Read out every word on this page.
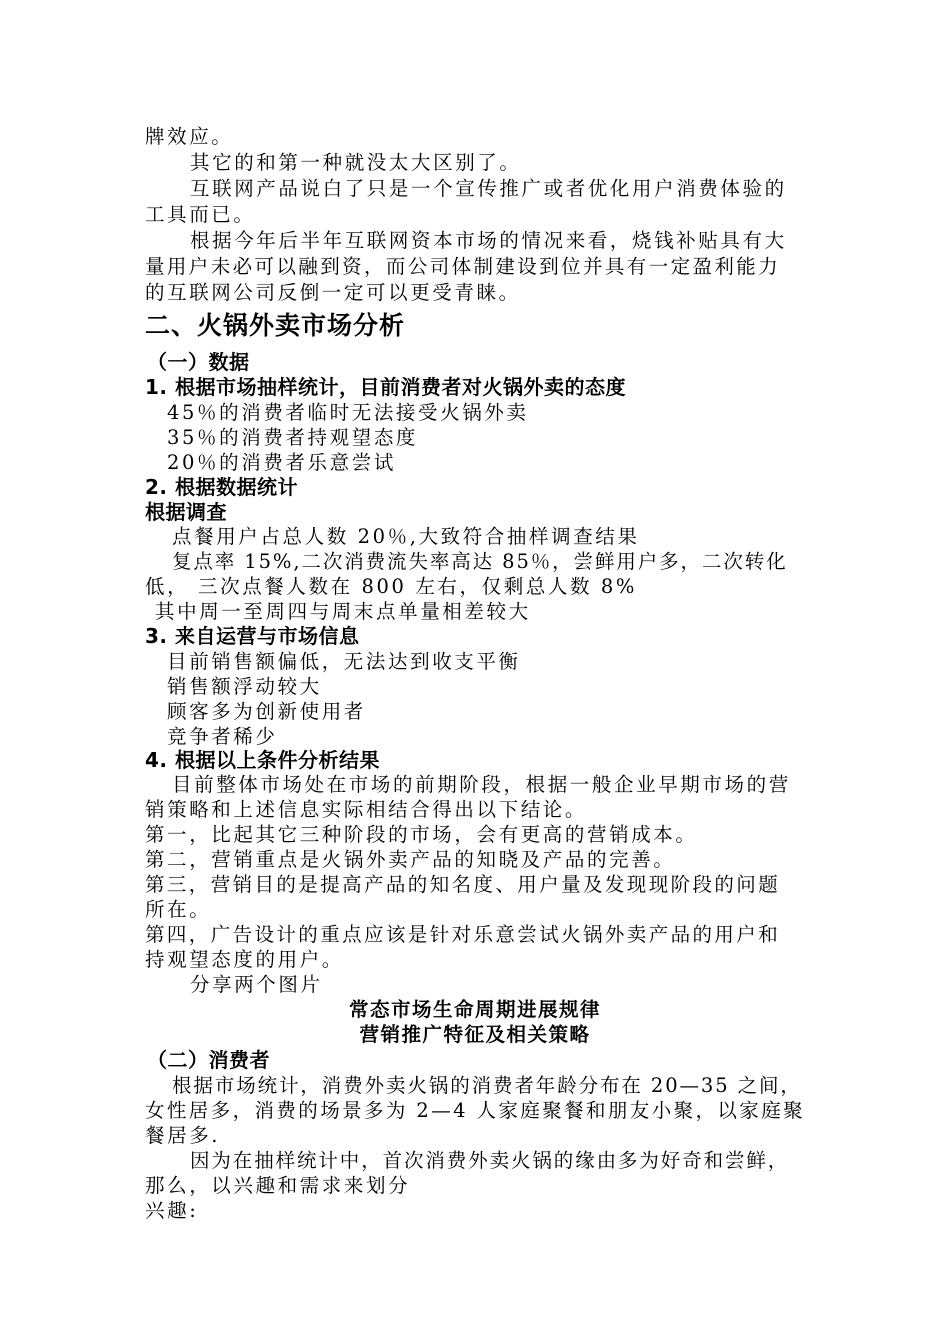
牌效应。
其它的和第一种就没太大区别了。
互联网产品说白了只是一个宣传推广或者优化用户消费体验的
工具而已。
根据今年后半年互联网资本市场的情况来看，烧钱补贴具有大
量用户未必可以融到资，而公司体制建设到位并具有一定盈利能力
的互联网公司反倒一定可以更受青睐。
二、火锅外卖市场分析
（一）数据
1. 根据市场抽样统计，目前消费者对火锅外卖的态度
45％的消费者临时无法接受火锅外卖
35％的消费者持观望态度
20％的消费者乐意尝试
2. 根据数据统计
根据调查
点餐用户占总人数 20％,大致符合抽样调查结果
复点率 15%,二次消费流失率高达 85％，尝鲜用户多，二次转化
低， 三次点餐人数在 800 左右，仅剩总人数 8%
其中周一至周四与周末点单量相差较大
3. 来自运营与市场信息
目前销售额偏低，无法达到收支平衡
销售额浮动较大
顾客多为创新使用者
竞争者稀少
4. 根据以上条件分析结果
目前整体市场处在市场的前期阶段，根据一般企业早期市场的营
销策略和上述信息实际相结合得出以下结论。
第一，比起其它三种阶段的市场，会有更高的营销成本。
第二，营销重点是火锅外卖产品的知晓及产品的完善。
第三，营销目的是提高产品的知名度、用户量及发现现阶段的问题
所在。
第四，广告设计的重点应该是针对乐意尝试火锅外卖产品的用户和
持观望态度的用户。
分享两个图片
常态市场生命周期进展规律
营销推广特征及相关策略
（二）消费者
根据市场统计，消费外卖火锅的消费者年龄分布在 20—35 之间，
女性居多，消费的场景多为 2—4 人家庭聚餐和朋友小聚，以家庭聚
餐居多.
因为在抽样统计中，首次消费外卖火锅的缘由多为好奇和尝鲜，
那么，以兴趣和需求来划分
兴趣:
